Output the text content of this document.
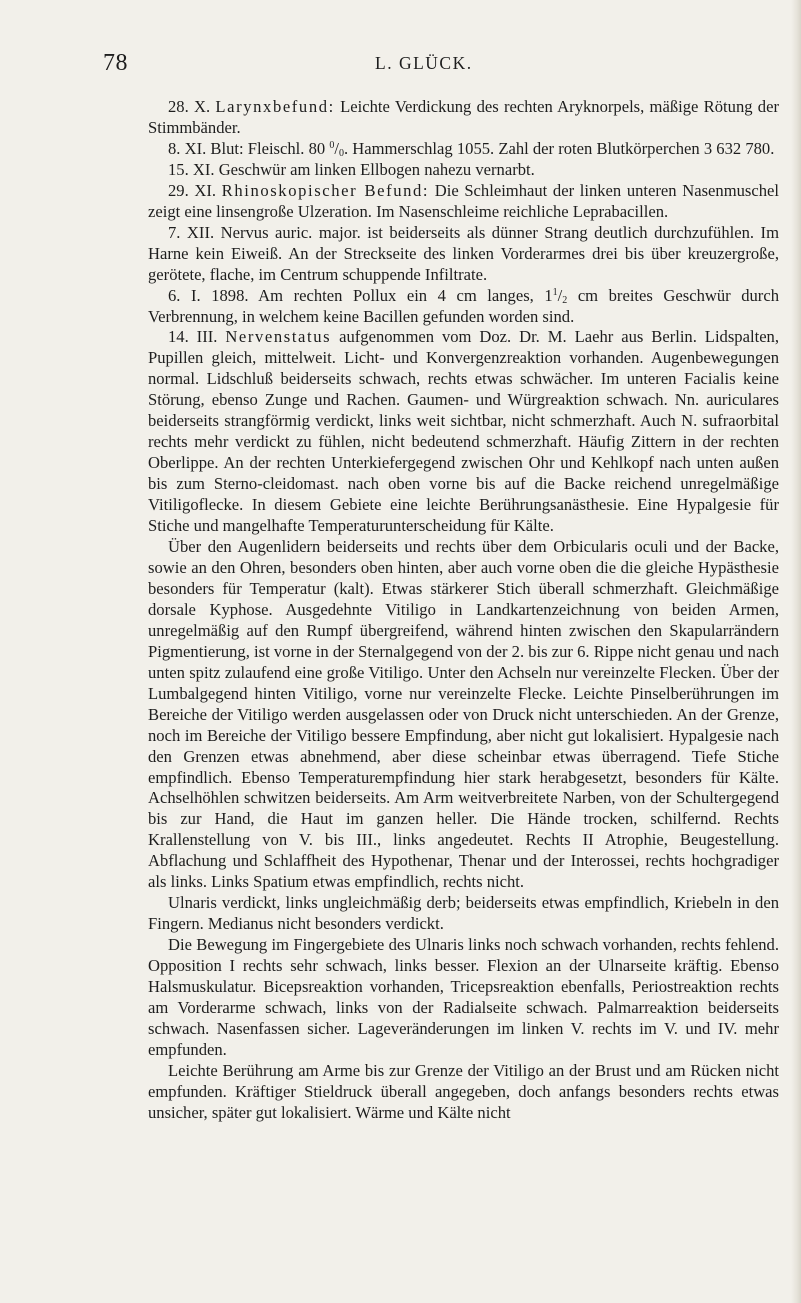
78	L. GLÜCK.

28. X. Larynxbefund: Leichte Verdickung des rechten Aryknorpels, mäßige Rötung der Stimmbänder.

8. XI. Blut: Fleischl. 80 $^0/_0$. Hammerschlag 1055. Zahl der roten Blutkörperchen 3 632 780.

15. XI. Geschwür am linken Ellbogen nahezu vernarbt.

29. XI. Rhinoskopischer Befund: Die Schleimhaut der linken unteren Nasenmuschel zeigt eine linsengroße Ulzeration. Im Nasenschleime reichliche Leprabacillen.

7. XII. Nervus auric. major. ist beiderseits als dünner Strang deutlich durchzufühlen. Im Harne kein Eiweiß. An der Streckseite des linken Vorderarmes drei bis über kreuzergroße, gerötete, flache, im Centrum schuppende Infiltrate.

6. I. 1898. Am rechten Pollux ein 4 cm langes, $1^1/_2$ cm breites Geschwür durch Verbrennung, in welchem keine Bacillen gefunden worden sind.

14. III. Nervenstatus aufgenommen vom Doz. Dr. M. Laehr aus Berlin. Lidspalten, Pupillen gleich, mittelweit. Licht- und Konvergenzreaktion vorhanden. Augenbewegungen normal. Lidschluß beiderseits schwach, rechts etwas schwächer. Im unteren Facialis keine Störung, ebenso Zunge und Rachen. Gaumen- und Würgreaktion schwach. Nn. auriculares beiderseits strangförmig verdickt, links weit sichtbar, nicht schmerzhaft. Auch N. sufraorbital rechts mehr verdickt zu fühlen, nicht bedeutend schmerzhaft. Häufig Zittern in der rechten Oberlippe. An der rechten Unterkiefergegend zwischen Ohr und Kehlkopf nach unten außen bis zum Sterno-cleidomast. nach oben vorne bis auf die Backe reichend unregelmäßige Vitiligoflecke. In diesem Gebiete eine leichte Berührungsanästhesie. Eine Hypalgesie für Stiche und mangelhafte Temperaturunterscheidung für Kälte.

Über den Augenlidern beiderseits und rechts über dem Orbicularis oculi und der Backe, sowie an den Ohren, besonders oben hinten, aber auch vorne oben die die gleiche Hypästhesie besonders für Temperatur (kalt). Etwas stärkerer Stich überall schmerzhaft. Gleichmäßige dorsale Kyphose. Ausgedehnte Vitiligo in Landkartenzeichnung von beiden Armen, unregelmäßig auf den Rumpf übergreifend, während hinten zwischen den Skapularrändern Pigmentierung, ist vorne in der Sternalgegend von der 2. bis zur 6. Rippe nicht genau und nach unten spitz zulaufend eine große Vitiligo. Unter den Achseln nur vereinzelte Flecken. Über der Lumbalgegend hinten Vitiligo, vorne nur vereinzelte Flecke. Leichte Pinselberührungen im Bereiche der Vitiligo werden ausgelassen oder von Druck nicht unterschieden. An der Grenze, noch im Bereiche der Vitiligo bessere Empfindung, aber nicht gut lokalisiert. Hypalgesie nach den Grenzen etwas abnehmend, aber diese scheinbar etwas überragend. Tiefe Stiche empfindlich. Ebenso Temperaturempfindung hier stark herabgesetzt, besonders für Kälte. Achselhöhlen schwitzen beiderseits. Am Arm weitverbreitete Narben, von der Schultergegend bis zur Hand, die Haut im ganzen heller. Die Hände trocken, schilfernd. Rechts Krallenstellung von V. bis III., links angedeutet. Rechts II Atrophie, Beugestellung. Abflachung und Schlaffheit des Hypothenar, Thenar und der Interossei, rechts hochgradiger als links. Links Spatium etwas empfindlich, rechts nicht.

Ulnaris verdickt, links ungleichmäßig derb; beiderseits etwas empfindlich, Kriebeln in den Fingern. Medianus nicht besonders verdickt.

Die Bewegung im Fingergebiete des Ulnaris links noch schwach vorhanden, rechts fehlend. Opposition I rechts sehr schwach, links besser. Flexion an der Ulnarseite kräftig. Ebenso Halsmuskulatur. Bicepsreaktion vorhanden, Tricepsreaktion ebenfalls, Periostreaktion rechts am Vorderarme schwach, links von der Radialseite schwach. Palmarreaktion beiderseits schwach. Nasenfassen sicher. Lageveränderungen im linken V. rechts im V. und IV. mehr empfunden.

Leichte Berührung am Arme bis zur Grenze der Vitiligo an der Brust und am Rücken nicht empfunden. Kräftiger Stieldruck überall angegeben, doch anfangs besonders rechts etwas unsicher, später gut lokalisiert. Wärme und Kälte nicht
